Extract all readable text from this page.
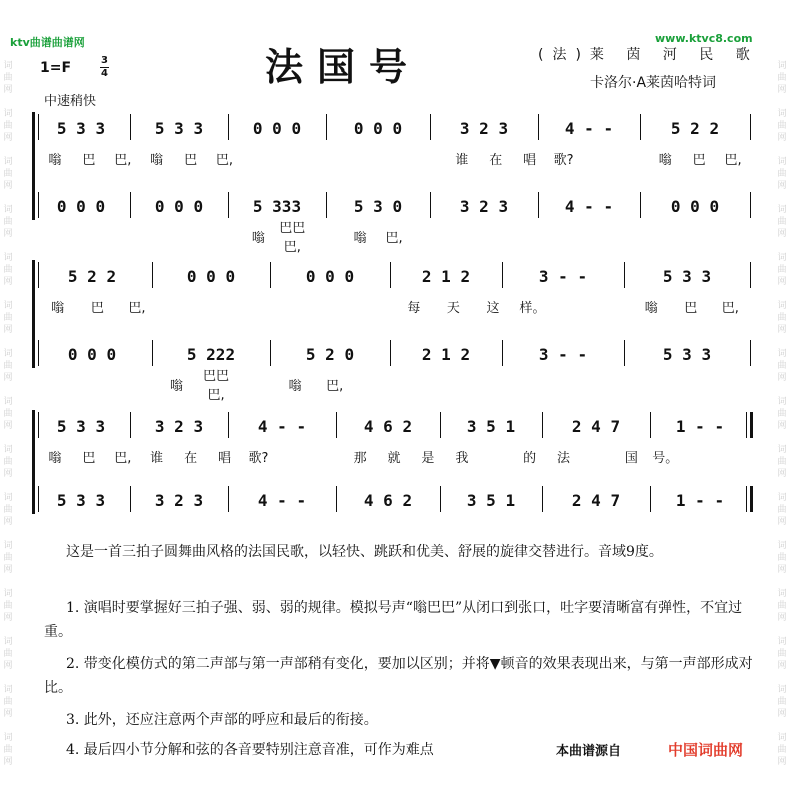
ktv曲谱曲谱网	www.ktvc8.com
法国号	(法)莱 茵 河 民 歌
卡洛尔·A莱茵哈特词
1=F	3
4
中速稍快
词
曲
网
词
曲
网
词
曲
网
词
曲
网
词
曲
网
词
曲
网
词
曲
网
词
曲
网
词
曲
网
词
曲
网
词
曲
网
词
曲
网
词
曲
网
词
曲
网
词
曲
网
词
曲
网
词
曲
网
词
曲
网
词
曲
网
词
曲
网
词
曲
网
词
曲
网
词
曲
网
词
曲
网
词
曲
网
词
曲
网
词
曲
网
词
曲
网
词
曲
网
词
曲
网
5 3 3	5 3 3	0 0 0	0 0 0	3 2 3	4 - -	5 2 2
0 0 0	0 0 0	5 333	5 3 0	3 2 3	4 - -	0 0 0
嗡	巴	巴,	嗡	巴	巴,	谁	在	唱	歌?	嗡	巴	巴,
嗡
巴巴巴,
嗡	巴,
5 2 2	0 0 0	0 0 0	2 1 2	3 - -	5 3 3
0 0 0	5 222	5 2 0	2 1 2	3 - -	5 3 3
嗡	巴	巴,	每	天	这	样。	嗡	巴	巴,
嗡
巴巴巴,
嗡	巴,
5 3 3	3 2 3	4 - -	4 6 2	3 5 1	2 4 7	1 - -
5 3 3	3 2 3	4 - -	4 6 2	3 5 1	2 4 7	1 - -
嗡	巴	巴,	谁	在	唱	歌?	那	就	是	我	的	法	国	号。
这是一首三拍子圆舞曲风格的法国民歌，以轻快、跳跃和优美、舒展的旋律交替进行。音域9度。
1. 演唱时要掌握好三拍子强、弱、弱的规律。模拟号声“嗡巴巴”从闭口到张口，吐字要清晰富有弹性，不宜过重。
2. 带变化模仿式的第二声部与第一声部稍有变化，要加以区别；并将▼顿音的效果表现出来，与第一声部形成对比。
3. 此外，还应注意两个声部的呼应和最后的衔接。
4. 最后四小节分解和弦的各音要特别注意音准，可作为难点	本曲谱源自	中国词曲网
